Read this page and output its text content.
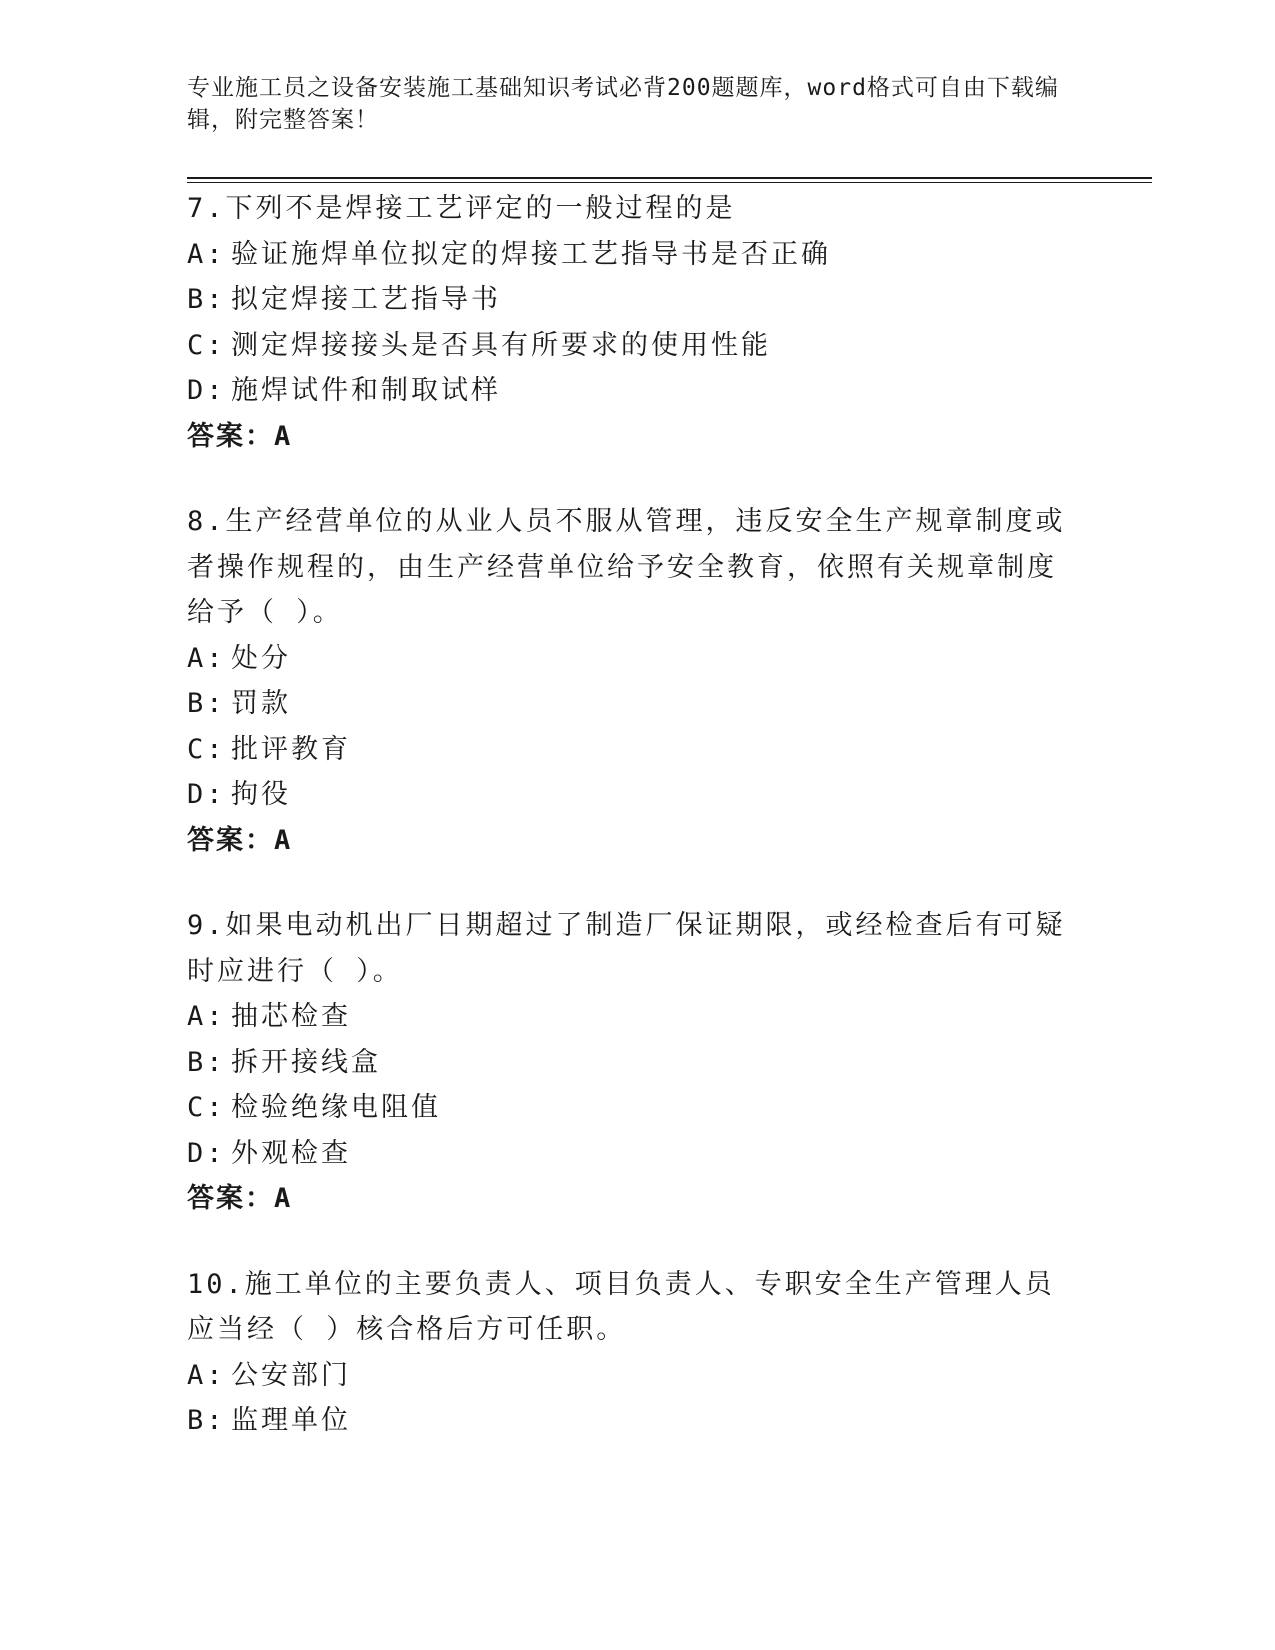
专业施工员之设备安装施工基础知识考试必背200题题库，word格式可自由下载编辑，附完整答案！

7.下列不是焊接工艺评定的一般过程的是

A: 验证施焊单位拟定的焊接工艺指导书是否正确
B: 拟定焊接工艺指导书
C: 测定焊接接头是否具有所要求的使用性能
D: 施焊试件和制取试样
答案：A

8.生产经营单位的从业人员不服从管理，违反安全生产规章制度或者操作规程的，由生产经营单位给予安全教育，依照有关规章制度给予（ ）。

A: 处分
B: 罚款
C: 批评教育
D: 拘役
答案：A

9.如果电动机出厂日期超过了制造厂保证期限，或经检查后有可疑时应进行（ ）。

A: 抽芯检查
B: 拆开接线盒
C: 检验绝缘电阻值
D: 外观检查
答案：A

10.施工单位的主要负责人、项目负责人、专职安全生产管理人员应当经（ ）核合格后方可任职。

A: 公安部门
B: 监理单位
